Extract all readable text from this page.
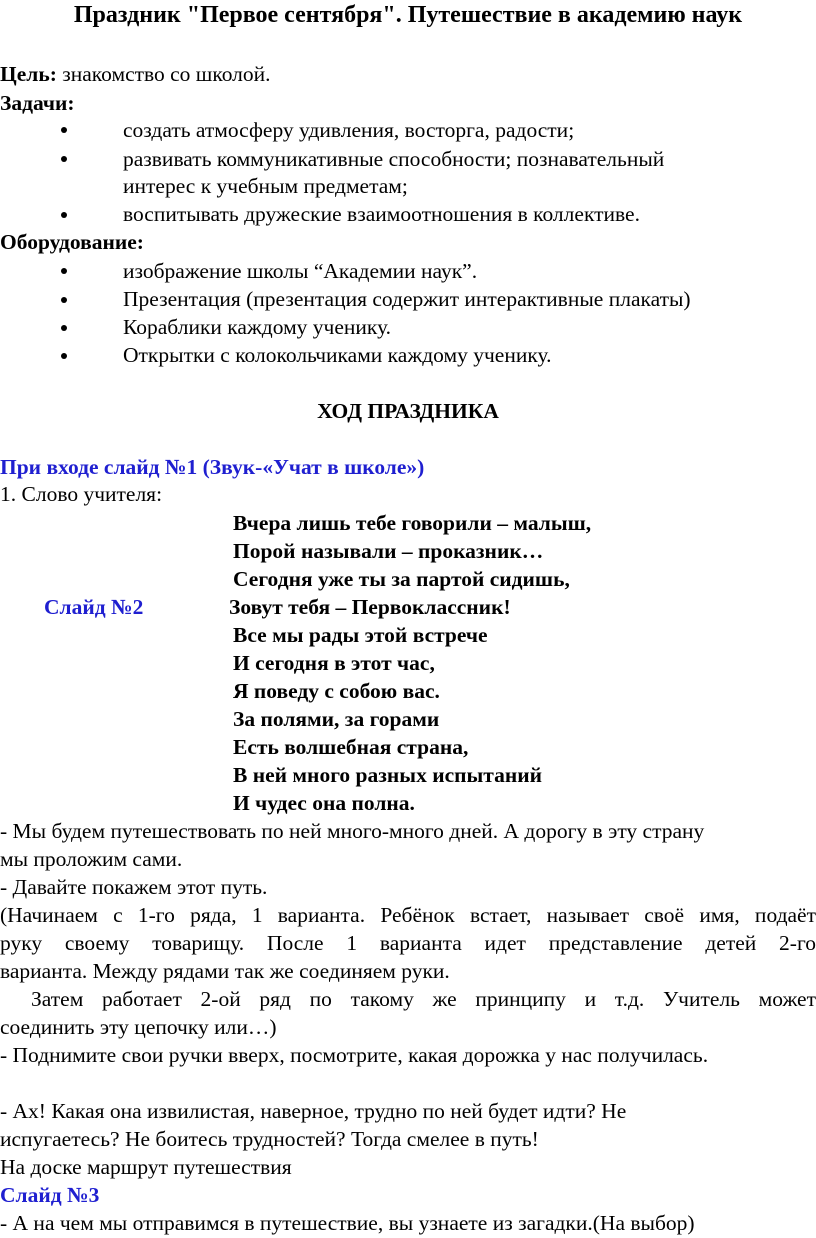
Праздник "Первое сентября". Путешествие в академию наук
Цель: знакомство со школой.
Задачи:
создать атмосферу удивления, восторга, радости;
развивать коммуникативные способности; познавательный
интерес к учебным предметам;
воспитывать дружеские взаимоотношения в коллективе.
Оборудование:
изображение школы “Академии наук”.
Презентация (презентация содержит интерактивные плакаты)
Кораблики каждому ученику.
Открытки с колокольчиками каждому ученику.
ХОД ПРАЗДНИКА
При входе слайд №1 (Звук-«Учат в школе»)
1. Слово учителя:
Вчера лишь тебе говорили – малыш,
Порой называли – проказник…
Сегодня уже ты за партой сидишь,
Слайд №2	Зовут тебя – Первоклассник!
Все мы рады этой встрече
И сегодня в этот час,
Я поведу с собою вас.
За полями, за горами
Есть волшебная страна,
В ней много разных испытаний
И чудес она полна.
- Мы будем путешествовать по ней много-много дней. А дорогу в эту страну
мы проложим сами.
- Давайте покажем этот путь.
(Начинаем с 1-го ряда, 1 варианта. Ребёнок встает, называет своё имя, подаёт
руку своему товарищу. После 1 варианта идет представление детей 2-го
варианта. Между рядами так же соединяем руки.
Затем работает 2-ой ряд по такому же принципу и т.д. Учитель может
соединить эту цепочку или…)
- Поднимите свои ручки вверх, посмотрите, какая дорожка у нас получилась.
- Ах! Какая она извилистая, наверное, трудно по ней будет идти? Не
испугаетесь? Не боитесь трудностей? Тогда смелее в путь!
На доске маршрут путешествия
Слайд №3
- А на чем мы отправимся в путешествие, вы узнаете из загадки.(На выбор)
